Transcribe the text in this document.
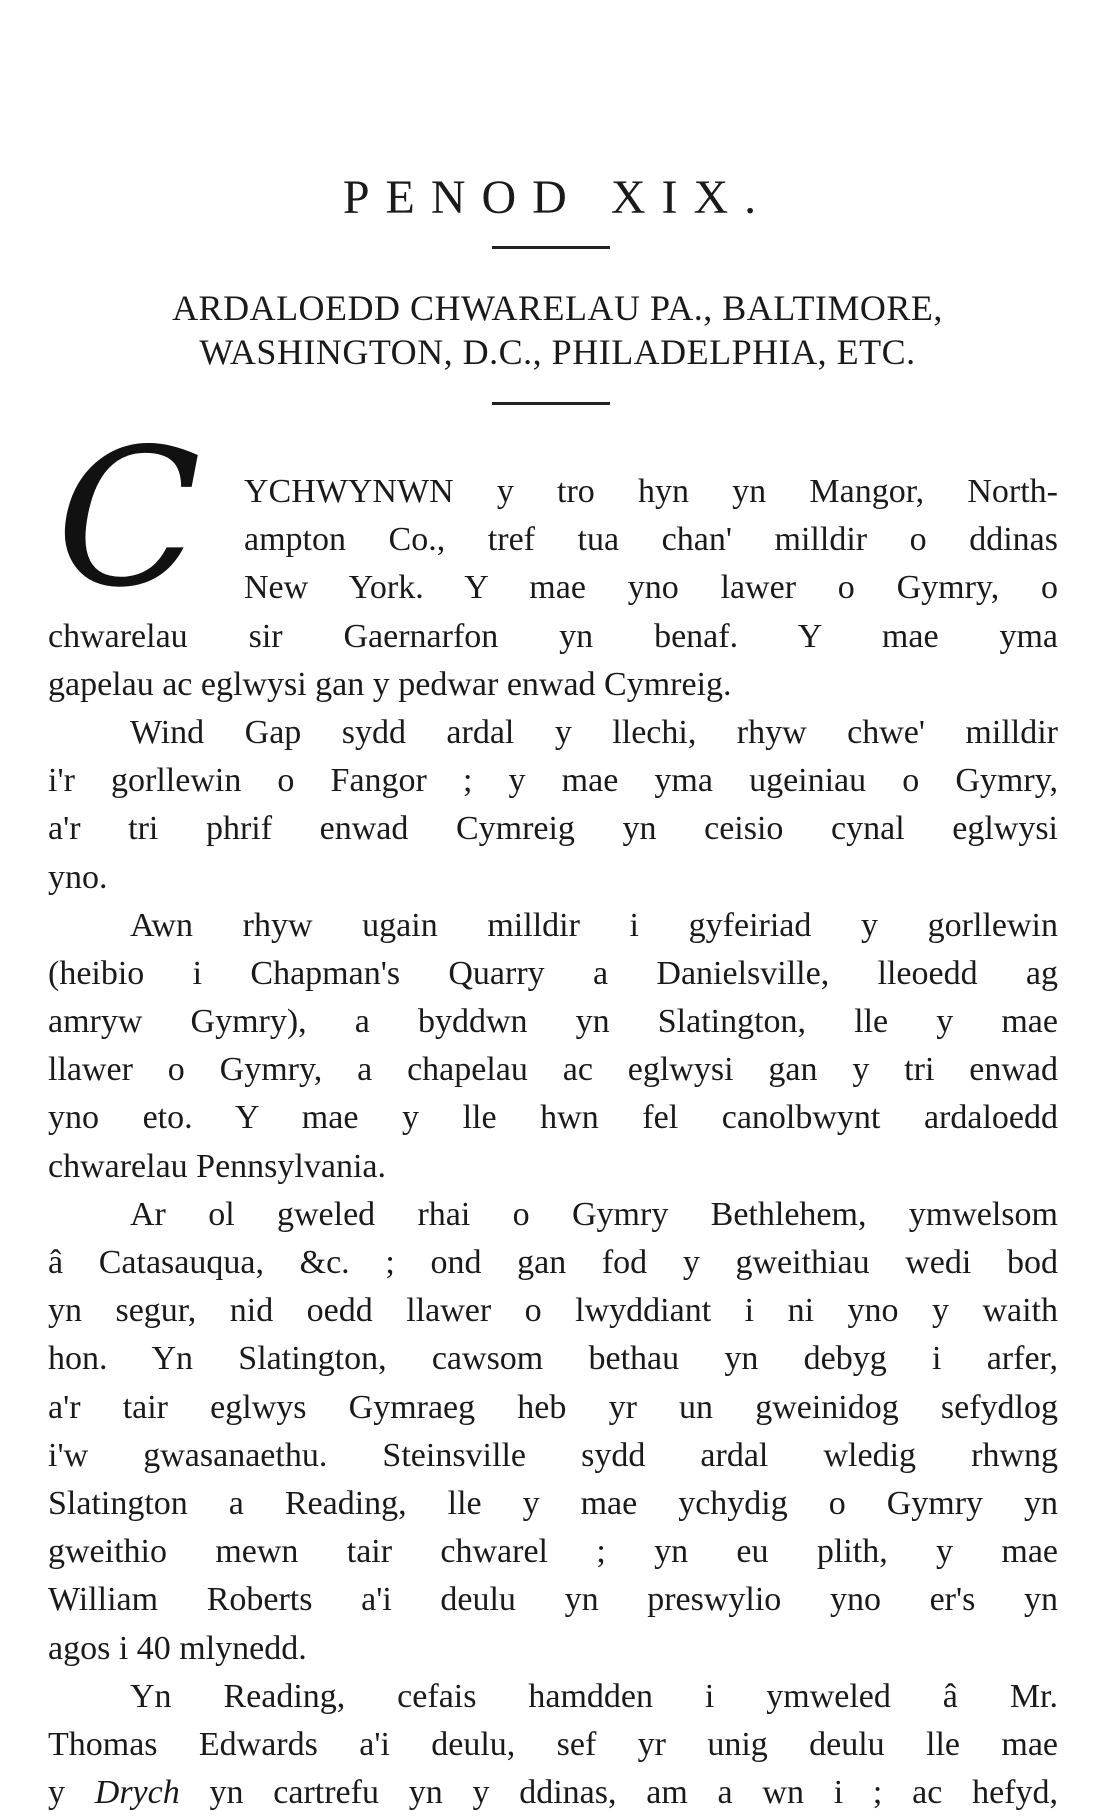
PENOD XIX.
ARDALOEDD CHWARELAU PA., BALTIMORE,
WASHINGTON, D.C., PHILADELPHIA, ETC.
C	YCHWYNWN y tro hyn yn Mangor, North-
ampton Co., tref tua chan' milldir o ddinas
New York. Y mae yno lawer o Gymry, o
chwarelau sir Gaernarfon yn benaf. Y mae yma
gapelau ac eglwysi gan y pedwar enwad Cymreig.
Wind Gap sydd ardal y llechi, rhyw chwe' milldir
i'r gorllewin o Fangor ; y mae yma ugeiniau o Gymry,
a'r tri phrif enwad Cymreig yn ceisio cynal eglwysi
yno.
Awn rhyw ugain milldir i gyfeiriad y gorllewin
(heibio i Chapman's Quarry a Danielsville, lleoedd ag
amryw Gymry), a byddwn yn Slatington, lle y mae
llawer o Gymry, a chapelau ac eglwysi gan y tri enwad
yno eto. Y mae y lle hwn fel canolbwynt ardaloedd
chwarelau Pennsylvania.
Ar ol gweled rhai o Gymry Bethlehem, ymwelsom
â Catasauqua, &c. ; ond gan fod y gweithiau wedi bod
yn segur, nid oedd llawer o lwyddiant i ni yno y waith
hon. Yn Slatington, cawsom bethau yn debyg i arfer,
a'r tair eglwys Gymraeg heb yr un gweinidog sefydlog
i'w gwasanaethu. Steinsville sydd ardal wledig rhwng
Slatington a Reading, lle y mae ychydig o Gymry yn
gweithio mewn tair chwarel ; yn eu plith, y mae
William Roberts a'i deulu yn preswylio yno er's yn
agos i 40 mlynedd.
Yn Reading, cefais hamdden i ymweled â Mr.
Thomas Edwards a'i deulu, sef yr unig deulu lle mae
y Drych yn cartrefu yn y ddinas, am a wn i ; ac hefyd,
